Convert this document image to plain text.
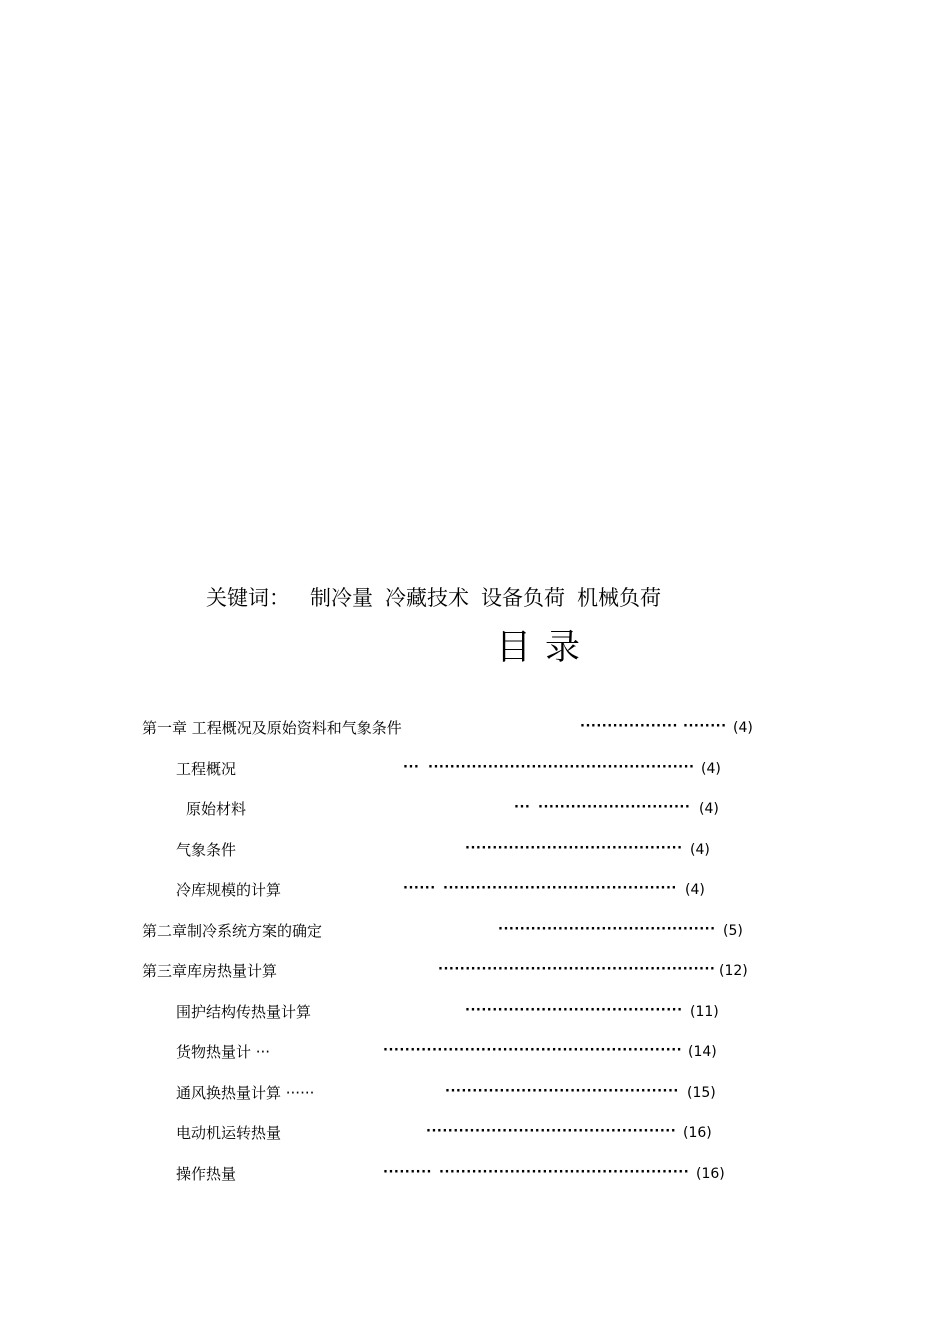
关键词： 制冷量 冷藏技术 设备负荷 机械负荷
目录
第一章 工程概况及原始资料和气象条件	·················· ········ (4)
工程概况	··· ················································· (4)
原始材料	··· ···························· (4)
气象条件	········································ (4)
冷库规模的计算	······ ··········································· (4)
第二章制冷系统方案的确定	········································ (5)
第三章库房热量计算	··················································· (12)
围护结构传热量计算	········································ (11)
货物热量计 ···	······················································· (14)
通风换热量计算 ······	··········································· (15)
电动机运转热量	·············································· (16)
操作热量	········· ·············································· (16)
